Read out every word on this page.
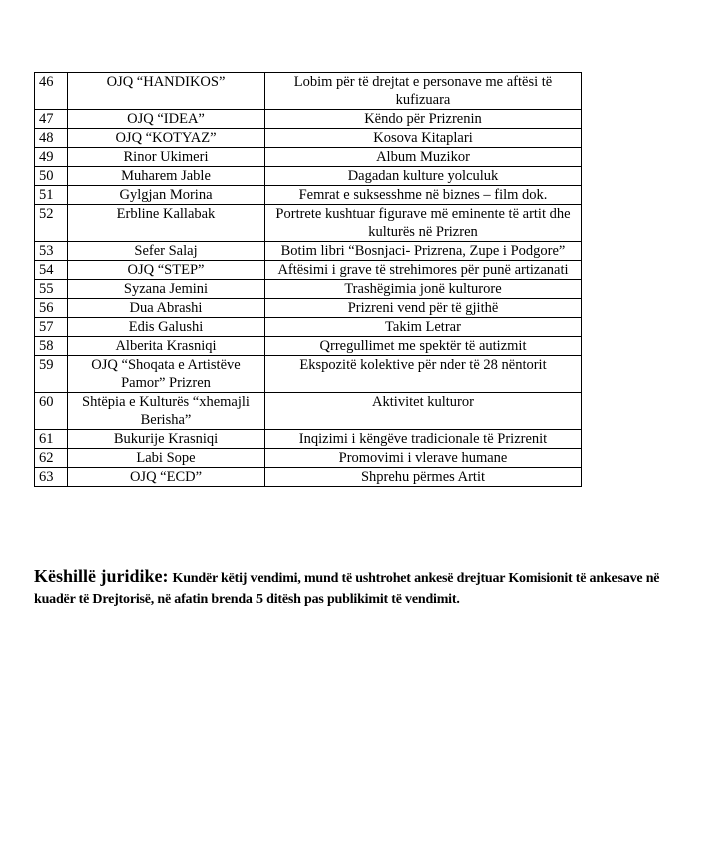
46	OJQ “HANDIKOS”	Lobim për të drejtat e personave me aftësi të kufizuara
47	OJQ “IDEA”	Këndo për Prizrenin
48	OJQ “KOTYAZ”	Kosova Kitaplari
49	Rinor Ukimeri	Album Muzikor
50	Muharem Jable	Dagadan kulture yolculuk
51	Gylgjan Morina	Femrat e suksesshme në biznes – film dok.
52	Erbline Kallabak	Portrete kushtuar figurave më eminente të artit dhe kulturës në Prizren
53	Sefer Salaj	Botim libri “Bosnjaci- Prizrena, Zupe i Podgore”
54	OJQ “STEP”	Aftësimi i grave të strehimores për punë artizanati
55	Syzana Jemini	Trashëgimia jonë kulturore
56	Dua Abrashi	Prizreni vend për të gjithë
57	Edis Galushi	Takim Letrar
58	Alberita Krasniqi	Qrregullimet me spektër të autizmit
59	OJQ “Shoqata e Artistëve Pamor” Prizren	Ekspozitë kolektive për nder të 28 nëntorit
60	Shtëpia e Kulturës “xhemajli Berisha”	Aktivitet kulturor
61	Bukurije Krasniqi	Inqizimi i këngëve tradicionale të Prizrenit
62	Labi Sope	Promovimi i vlerave humane
63	OJQ “ECD”	Shprehu përmes Artit
Këshillë juridike: Kundër këtij vendimi, mund të ushtrohet ankesë drejtuar Komisionit të ankesave në kuadër të Drejtorisë, në afatin brenda 5 ditësh pas publikimit të vendimit.
